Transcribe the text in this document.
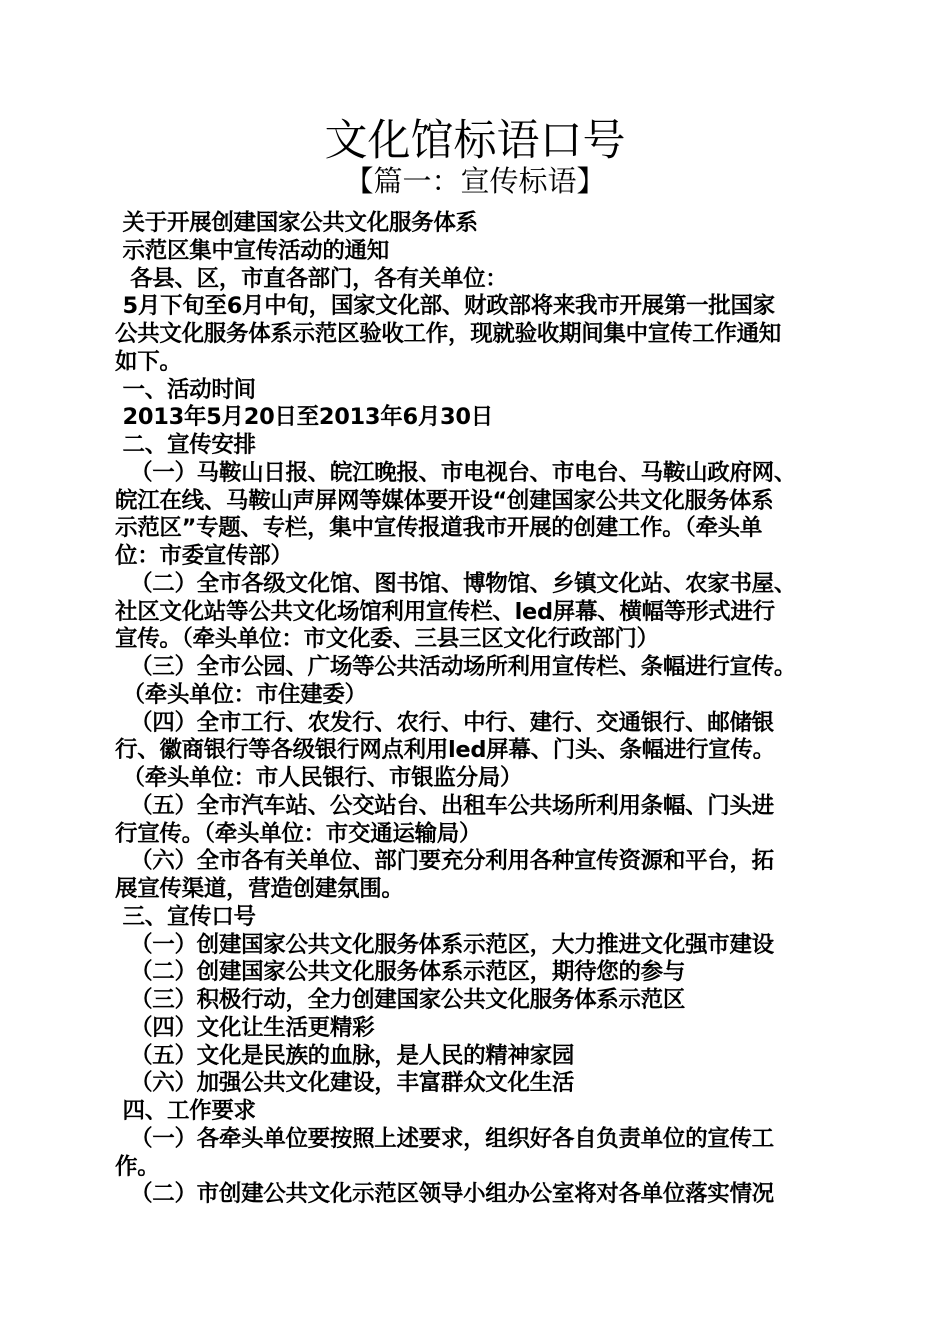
文化馆标语口号
【篇一：宣传标语】

关于开展创建国家公共文化服务体系

示范区集中宣传活动的通知

各县、区，市直各部门，各有关单位：

5月下旬至6月中旬，国家文化部、财政部将来我市开展第一批国家

公共文化服务体系示范区验收工作，现就验收期间集中宣传工作通知

如下。

一、活动时间

2013年5月20日至2013年6月30日

二、宣传安排

（一）马鞍山日报、皖江晚报、市电视台、市电台、马鞍山政府网、

皖江在线、马鞍山声屏网等媒体要开设“创建国家公共文化服务体系

示范区”专题、专栏，集中宣传报道我市开展的创建工作。（牵头单

位：市委宣传部）

（二）全市各级文化馆、图书馆、博物馆、乡镇文化站、农家书屋、

社区文化站等公共文化场馆利用宣传栏、led屏幕、横幅等形式进行

宣传。（牵头单位：市文化委、三县三区文化行政部门）

（三）全市公园、广场等公共活动场所利用宣传栏、条幅进行宣传。

（牵头单位：市住建委）

（四）全市工行、农发行、农行、中行、建行、交通银行、邮储银

行、徽商银行等各级银行网点利用led屏幕、门头、条幅进行宣传。

（牵头单位：市人民银行、市银监分局）

（五）全市汽车站、公交站台、出租车公共场所利用条幅、门头进

行宣传。（牵头单位：市交通运输局）

（六）全市各有关单位、部门要充分利用各种宣传资源和平台，拓

展宣传渠道，营造创建氛围。

三、宣传口号

（一）创建国家公共文化服务体系示范区，大力推进文化强市建设

（二）创建国家公共文化服务体系示范区，期待您的参与

（三）积极行动，全力创建国家公共文化服务体系示范区

（四）文化让生活更精彩

（五）文化是民族的血脉，是人民的精神家园

（六）加强公共文化建设，丰富群众文化生活

四、工作要求

（一）各牵头单位要按照上述要求，组织好各自负责单位的宣传工

作。

（二）市创建公共文化示范区领导小组办公室将对各单位落实情况
